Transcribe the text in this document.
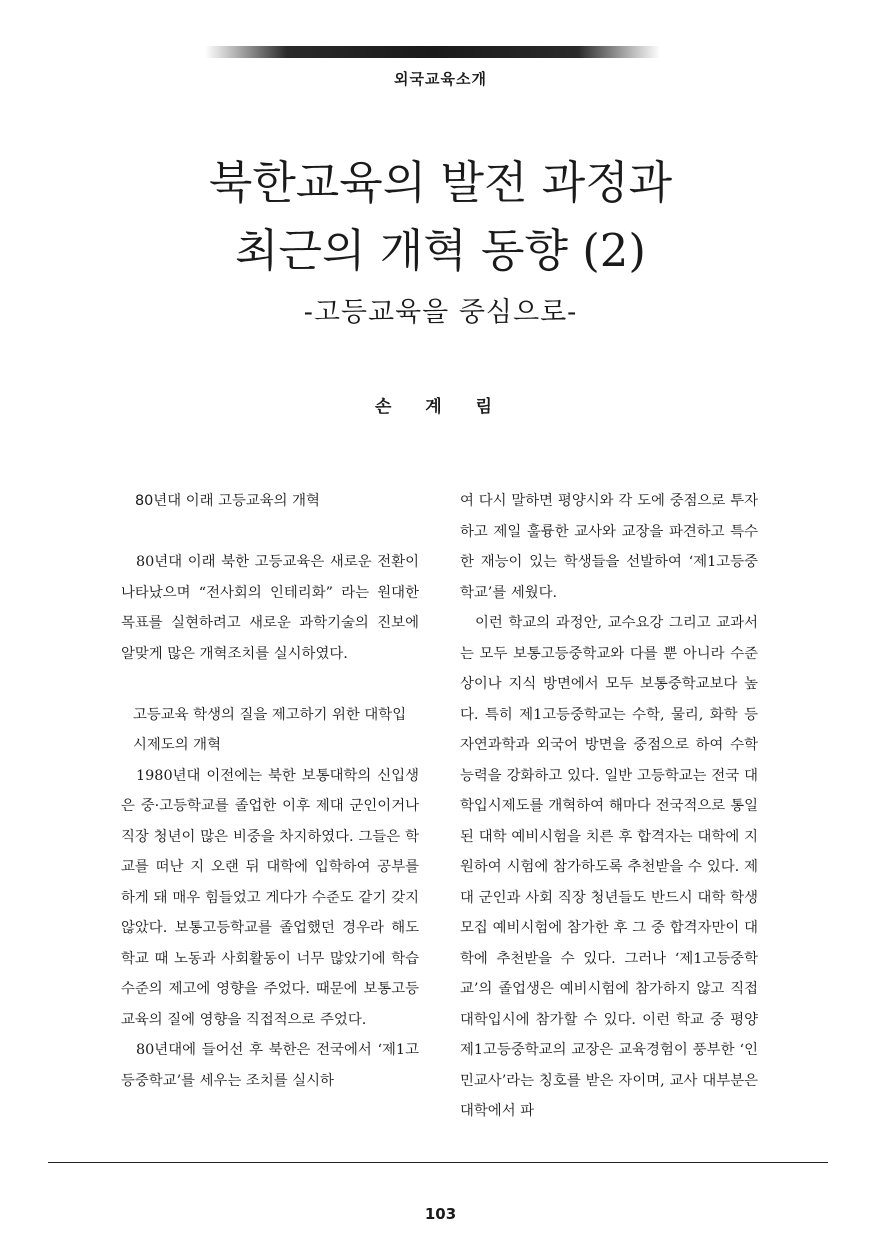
외국교육소개
북한교육의 발전 과정과
최근의 개혁 동향 (2)
-고등교육을 중심으로-
손 계 림
80년대 이래 고등교육의 개혁

80년대 이래 북한 고등교육은 새로운 전환이 나타났으며 “전사회의 인테리화” 라는 원대한 목표를 실현하려고 새로운 과학기술의 진보에 알맞게 많은 개혁조치를 실시하였다.

고등교육 학생의 질을 제고하기 위한 대학입시제도의 개혁

1980년대 이전에는 북한 보통대학의 신입생은 중·고등학교를 졸업한 이후 제대 군인이거나 직장 청년이 많은 비중을 차지하였다. 그들은 학교를 떠난 지 오랜 뒤 대학에 입학하여 공부를 하게 돼 매우 힘들었고 게다가 수준도 같기 갖지 않았다. 보통고등학교를 졸업했던 경우라 해도 학교 때 노동과 사회활동이 너무 많았기에 학습수준의 제고에 영향을 주었다. 때문에 보통고등교육의 질에 영향을 직접적으로 주었다.

80년대에 들어선 후 북한은 전국에서 ‘제1고등중학교’를 세우는 조치를 실시하

여 다시 말하면 평양시와 각 도에 중점으로 투자하고 제일 훌륭한 교사와 교장을 파견하고 특수한 재능이 있는 학생들을 선발하여 ‘제1고등중학교’를 세웠다.

이런 학교의 과정안, 교수요강 그리고 교과서는 모두 보통고등중학교와 다를 뿐 아니라 수준상이나 지식 방면에서 모두 보통중학교보다 높다. 특히 제1고등중학교는 수학, 물리, 화학 등 자연과학과 외국어 방면을 중점으로 하여 수학능력을 강화하고 있다. 일반 고등학교는 전국 대학입시제도를 개혁하여 해마다 전국적으로 통일된 대학 예비시험을 치른 후 합격자는 대학에 지원하여 시험에 참가하도록 추천받을 수 있다. 제대 군인과 사회 직장 청년들도 반드시 대학 학생모집 예비시험에 참가한 후 그 중 합격자만이 대학에 추천받을 수 있다. 그러나 ‘제1고등중학교’의 졸업생은 예비시험에 참가하지 않고 직접 대학입시에 참가할 수 있다. 이런 학교 중 평양 제1고등중학교의 교장은 교육경험이 풍부한 ‘인민교사’라는 칭호를 받은 자이며, 교사 대부분은 대학에서 파

103
